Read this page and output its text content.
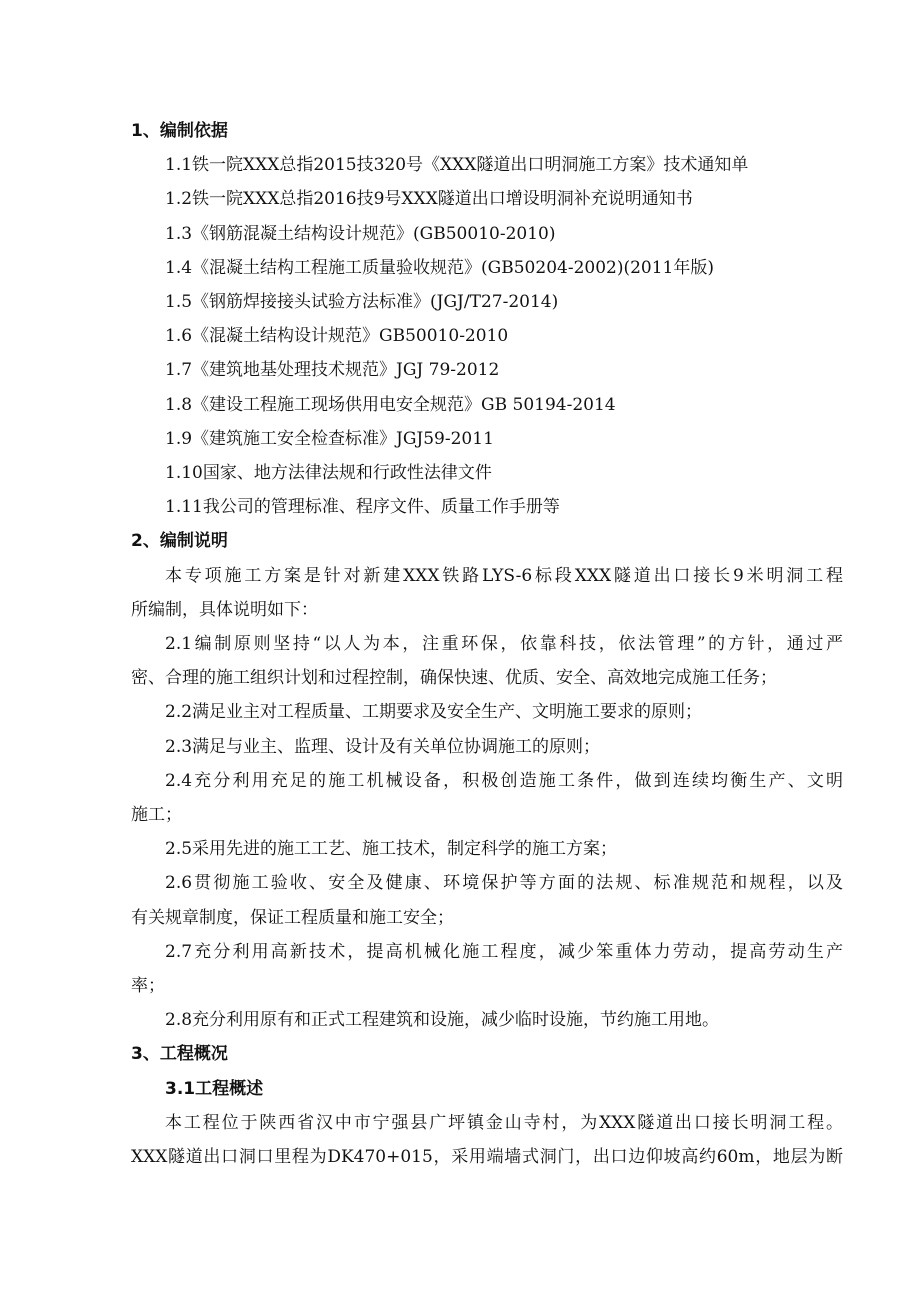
1、编制依据
1.1铁一院XXX总指2015技320号《XXX隧道出口明洞施工方案》技术通知单
1.2铁一院XXX总指2016技9号XXX隧道出口增设明洞补充说明通知书
1.3《钢筋混凝土结构设计规范》(GB50010-2010)
1.4《混凝土结构工程施工质量验收规范》(GB50204-2002)(2011年版)
1.5《钢筋焊接接头试验方法标准》(JGJ/T27-2014)
1.6《混凝土结构设计规范》GB50010-2010
1.7《建筑地基处理技术规范》JGJ 79-2012
1.8《建设工程施工现场供用电安全规范》GB 50194-2014
1.9《建筑施工安全检查标准》JGJ59-2011
1.10国家、地方法律法规和行政性法律文件
1.11我公司的管理标准、程序文件、质量工作手册等
2、编制说明
本专项施工方案是针对新建XXX铁路LYS-6标段XXX隧道出口接长9米明洞工程
所编制，具体说明如下：
2.1编制原则坚持“以人为本，注重环保，依靠科技，依法管理”的方针，通过严
密、合理的施工组织计划和过程控制，确保快速、优质、安全、高效地完成施工任务；
2.2满足业主对工程质量、工期要求及安全生产、文明施工要求的原则；
2.3满足与业主、监理、设计及有关单位协调施工的原则；
2.4充分利用充足的施工机械设备，积极创造施工条件，做到连续均衡生产、文明
施工；
2.5采用先进的施工工艺、施工技术，制定科学的施工方案；
2.6贯彻施工验收、安全及健康、环境保护等方面的法规、标准规范和规程，以及
有关规章制度，保证工程质量和施工安全；
2.7充分利用高新技术，提高机械化施工程度，减少笨重体力劳动，提高劳动生产
率；
2.8充分利用原有和正式工程建筑和设施，减少临时设施，节约施工用地。
3、工程概况
3.1工程概述
本工程位于陕西省汉中市宁强县广坪镇金山寺村，为XXX隧道出口接长明洞工程。
XXX隧道出口洞口里程为DK470+015，采用端墙式洞门，出口边仰坡高约60m，地层为断
